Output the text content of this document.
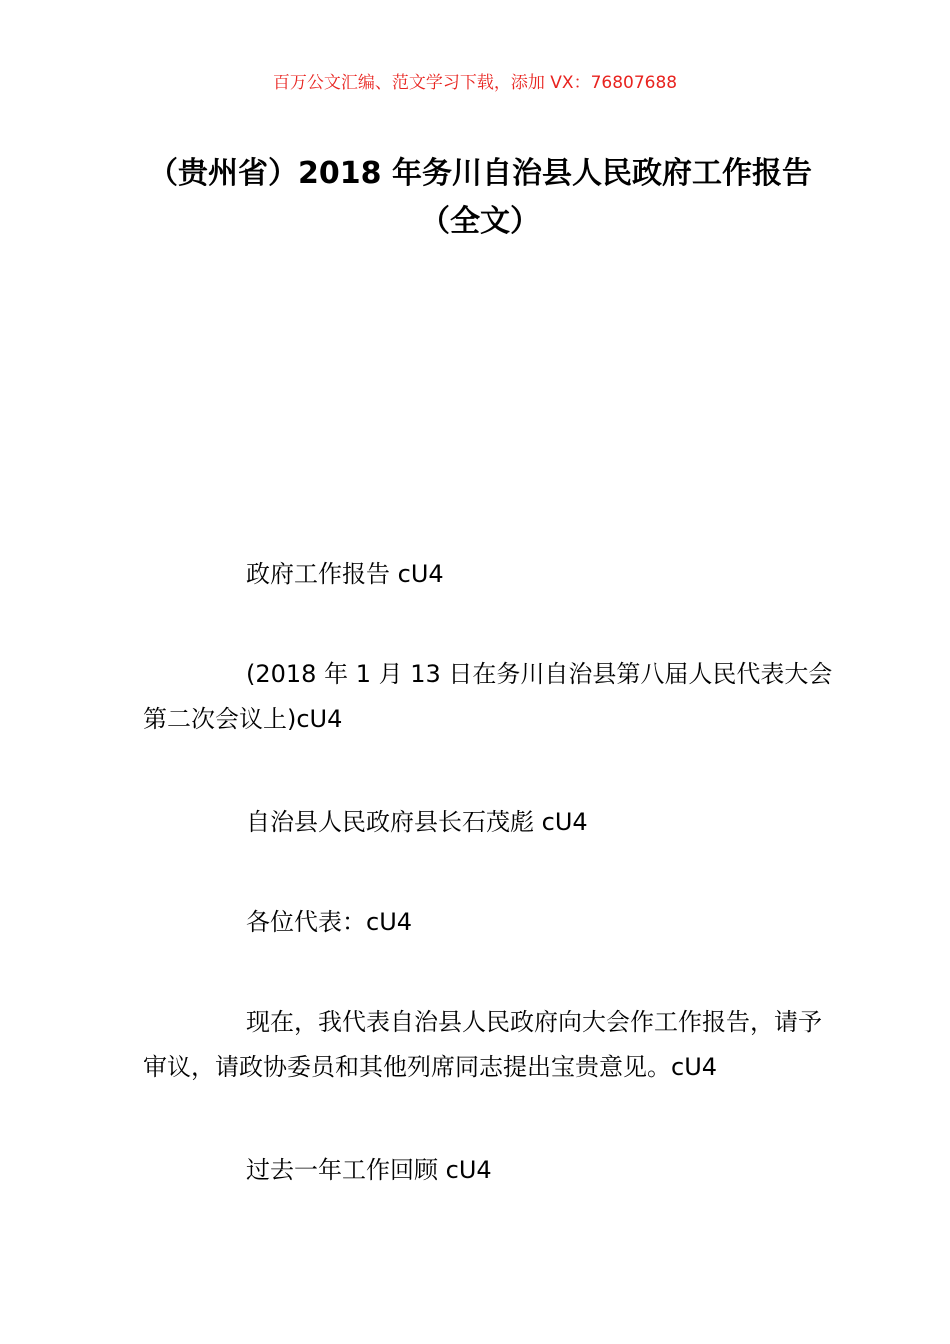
百万公文汇编、范文学习下载，添加 VX：76807688
（贵州省）2018 年务川自治县人民政府工作报告（全文）

政府工作报告 cU4

(2018 年 1 月 13 日在务川自治县第八届人民代表大会第二次会议上)cU4

自治县人民政府县长石茂彪 cU4

各位代表：cU4

现在，我代表自治县人民政府向大会作工作报告，请予审议，请政协委员和其他列席同志提出宝贵意见。cU4

过去一年工作回顾 cU4
